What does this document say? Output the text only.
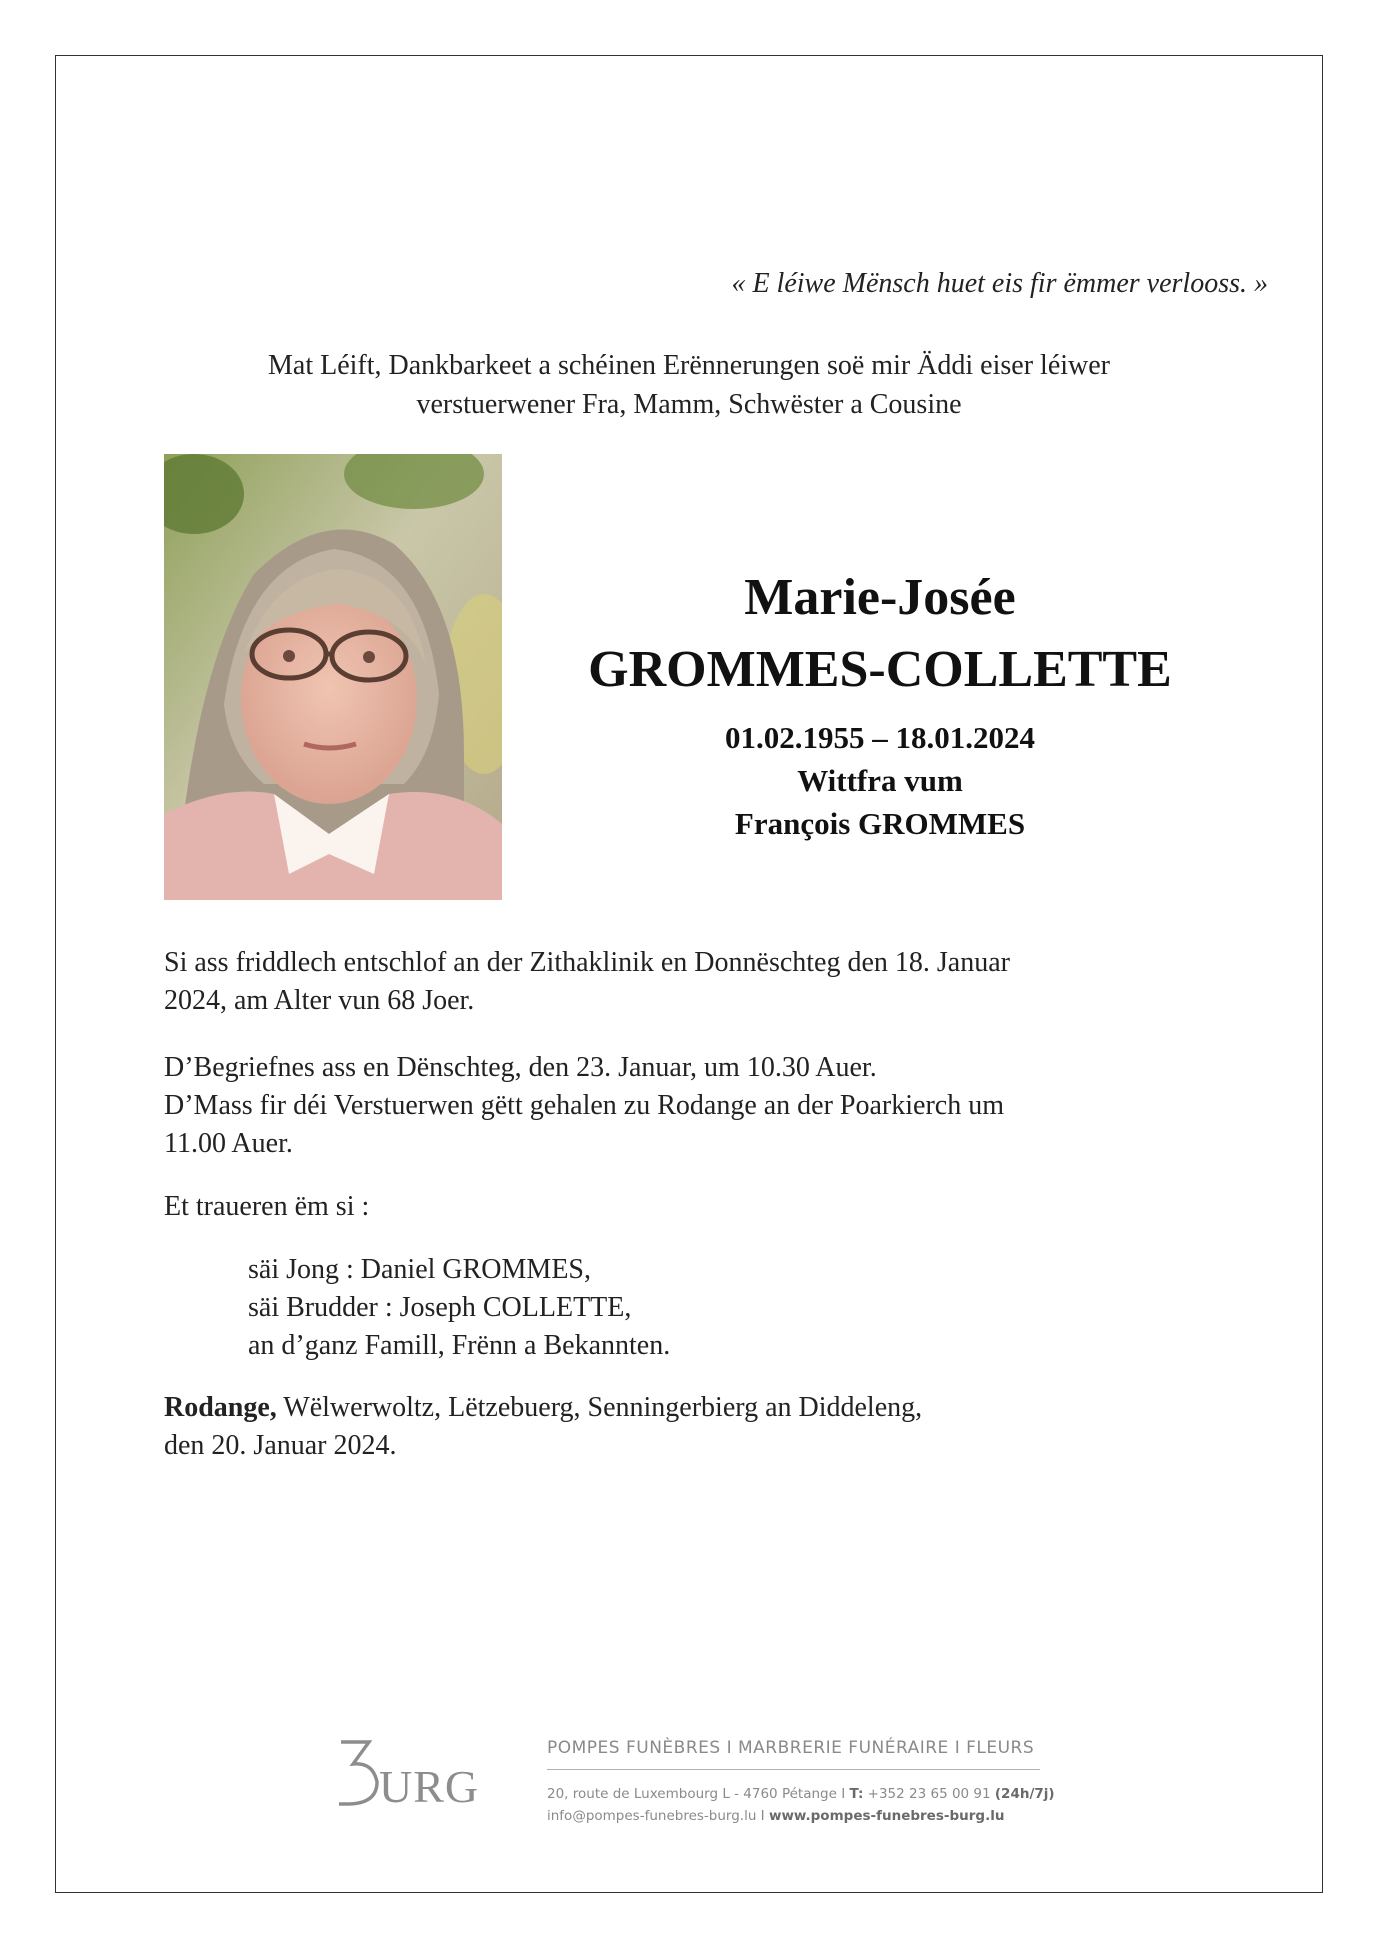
« E léiwe Mënsch huet eis fir ëmmer verlooss. »
Mat Léift, Dankbarkeet a schéinen Erënnerungen soë mir Äddi eiser léiwer
verstuerwener Fra, Mamm, Schwëster a Cousine
Marie-Josée
GROMMES-COLLETTE
01.02.1955 – 18.01.2024
Wittfra vum
François GROMMES
Si ass friddlech entschlof an der Zithaklinik en Donnëschteg den 18. Januar
2024, am Alter vun 68 Joer.
D’Begriefnes ass en Dënschteg, den 23. Januar, um 10.30 Auer.
D’Mass fir déi Verstuerwen gëtt gehalen zu Rodange an der Poarkierch um
11.00 Auer.
Et traueren ëm si :
säi Jong : Daniel GROMMES,
säi Brudder : Joseph COLLETTE,
an d’ganz Famill, Frënn a Bekannten.
Rodange, Wëlwerwoltz, Lëtzebuerg, Senningerbierg an Diddeleng,
den 20. Januar 2024.
URG
POMPES FUNÈBRES I MARBRERIE FUNÉRAIRE I FLEURS
20, route de Luxembourg L - 4760 Pétange I T: +352 23 65 00 91 (24h/7j)
info@pompes-funebres-burg.lu I www.pompes-funebres-burg.lu
